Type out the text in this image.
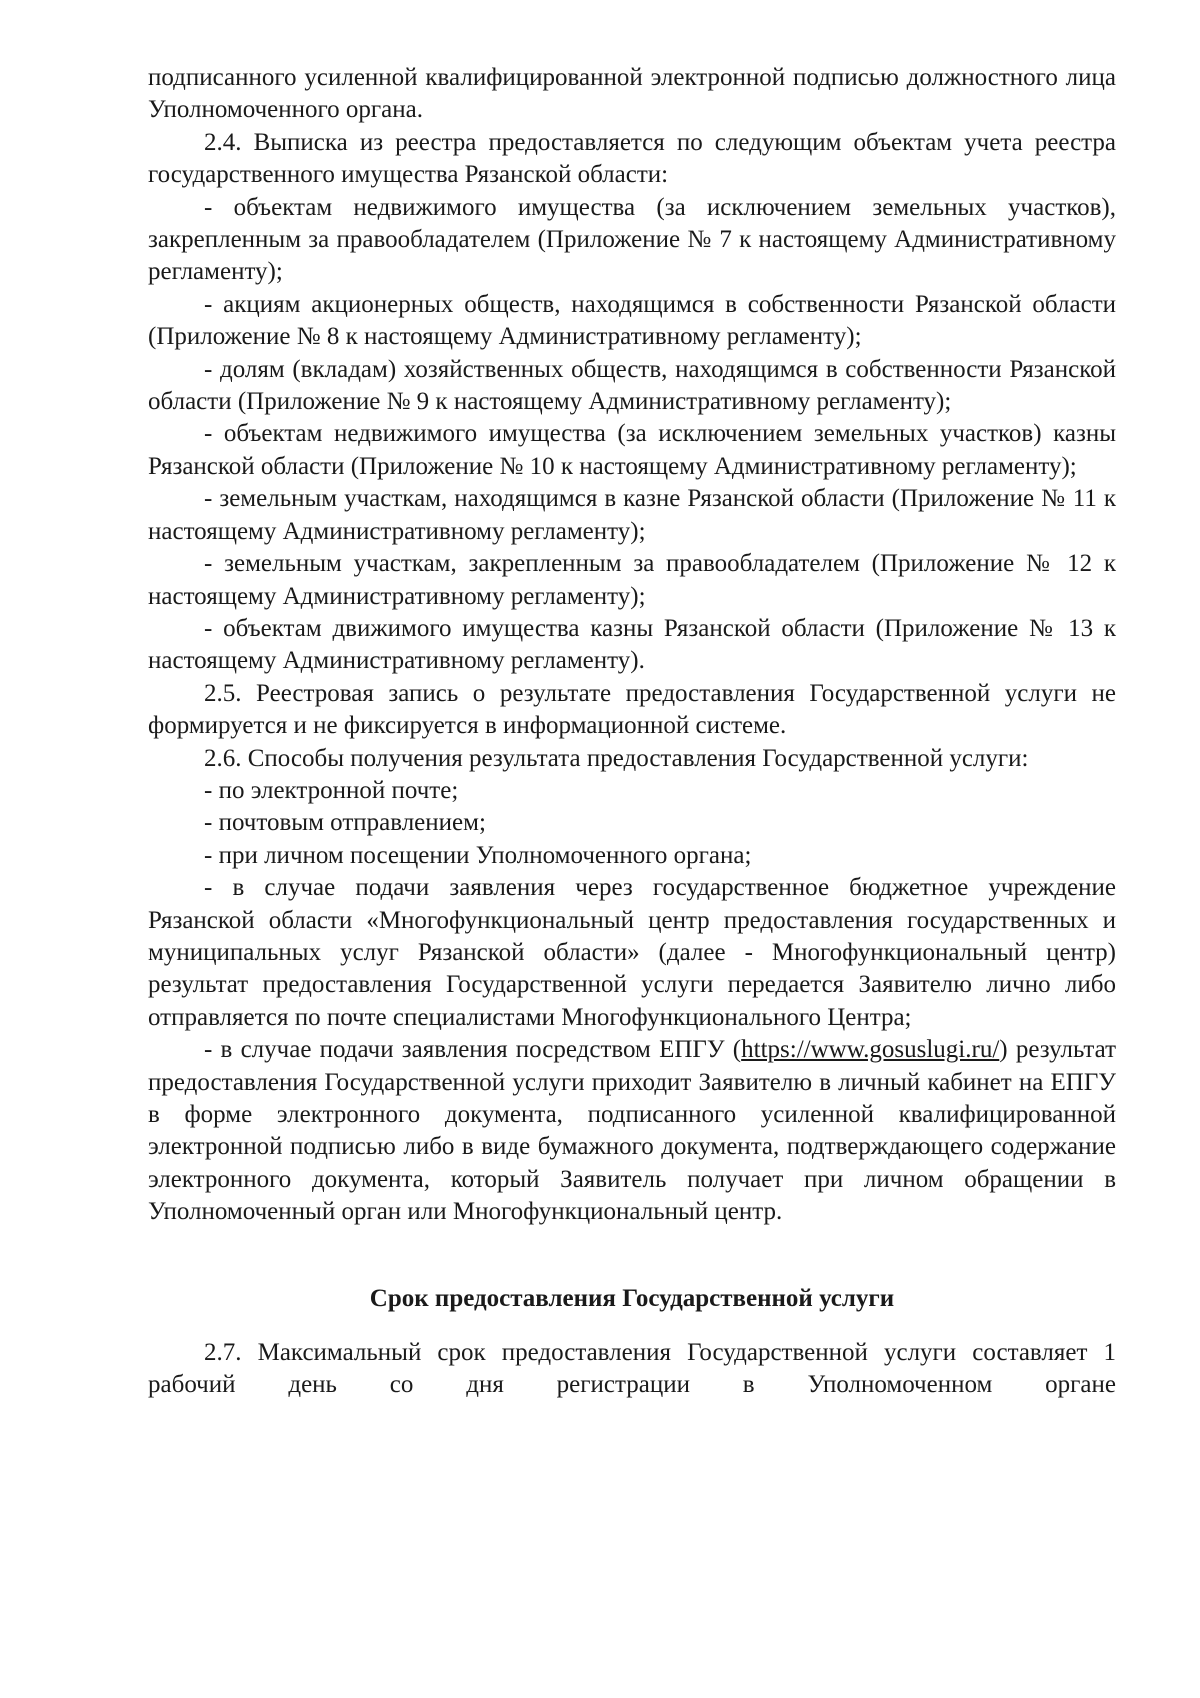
подписанного усиленной квалифицированной электронной подписью должностного лица Уполномоченного органа.

2.4. Выписка из реестра предоставляется по следующим объектам учета реестра государственного имущества Рязанской области:

- объектам недвижимого имущества (за исключением земельных участков), закрепленным за правообладателем (Приложение № 7 к настоящему Административному регламенту);

- акциям акционерных обществ, находящимся в собственности Рязанской области (Приложение № 8 к настоящему Административному регламенту);

- долям (вкладам) хозяйственных обществ, находящимся в собственности Рязанской области (Приложение № 9 к настоящему Административному регламенту);

- объектам недвижимого имущества (за исключением земельных участков) казны Рязанской области (Приложение № 10 к настоящему Административному регламенту);

- земельным участкам, находящимся в казне Рязанской области (Приложение № 11 к настоящему Административному регламенту);

- земельным участкам, закрепленным за правообладателем (Приложение № 12 к настоящему Административному регламенту);

- объектам движимого имущества казны Рязанской области (Приложение № 13 к настоящему Административному регламенту).

2.5. Реестровая запись о результате предоставления Государственной услуги не формируется и не фиксируется в информационной системе.

2.6. Способы получения результата предоставления Государственной услуги:

- по электронной почте;

- почтовым отправлением;

- при личном посещении Уполномоченного органа;

- в случае подачи заявления через государственное бюджетное учреждение Рязанской области «Многофункциональный центр предоставления государственных и муниципальных услуг Рязанской области» (далее - Многофункциональный центр) результат предоставления Государственной услуги передается Заявителю лично либо отправляется по почте специалистами Многофункционального Центра;

- в случае подачи заявления посредством ЕПГУ (https://www.gosuslugi.ru/) результат предоставления Государственной услуги приходит Заявителю в личный кабинет на ЕПГУ в форме электронного документа, подписанного усиленной квалифицированной электронной подписью либо в виде бумажного документа, подтверждающего содержание электронного документа, который Заявитель получает при личном обращении в Уполномоченный орган или Многофункциональный центр.

Срок предоставления Государственной услуги

2.7. Максимальный срок предоставления Государственной услуги составляет 1 рабочий день со дня регистрации в Уполномоченном органе
